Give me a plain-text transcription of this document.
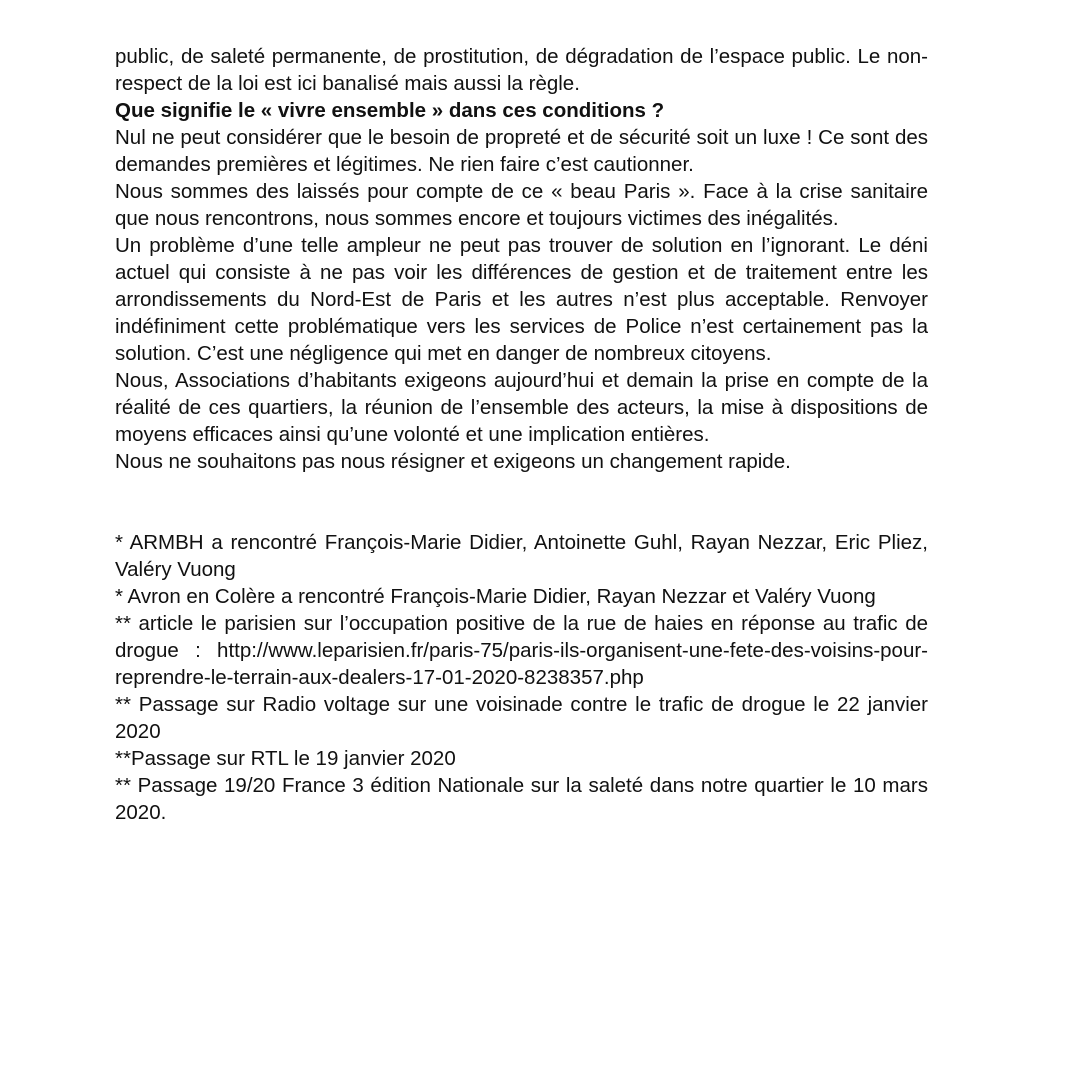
public, de saleté permanente, de prostitution, de dégradation de l’espace public. Le non-respect de la loi est ici banalisé mais aussi la règle.

Que signifie le « vivre ensemble » dans ces conditions ?

Nul ne peut considérer que le besoin de propreté et de sécurité soit un luxe ! Ce sont des demandes premières et légitimes. Ne rien faire c’est cautionner.

Nous sommes des laissés pour compte de ce « beau Paris ». Face à la crise sanitaire que nous rencontrons, nous sommes encore et toujours victimes des inégalités.

Un problème d’une telle ampleur ne peut pas trouver de solution en l’ignorant. Le déni actuel qui consiste à ne pas voir les différences de gestion et de traitement entre les arrondissements du Nord-Est de Paris et les autres n’est plus acceptable. Renvoyer indéfiniment cette problématique vers les services de Police n’est certainement pas la solution. C’est une négligence qui met en danger de nombreux citoyens.

Nous, Associations d’habitants exigeons aujourd’hui et demain la prise en compte de la réalité de ces quartiers, la réunion de l’ensemble des acteurs, la mise à dispositions de moyens efficaces ainsi qu’une volonté et une implication entières.

Nous ne souhaitons pas nous résigner et exigeons un changement rapide.

* ARMBH a rencontré François-Marie Didier, Antoinette Guhl, Rayan Nezzar, Eric Pliez, Valéry Vuong

* Avron en Colère a rencontré François-Marie Didier, Rayan Nezzar et Valéry Vuong

** article le parisien sur l’occupation positive de la rue de haies en réponse au trafic de drogue : http://www.leparisien.fr/paris-75/paris-ils-organisent-une-fete-des-voisins-pour-reprendre-le-terrain-aux-dealers-17-01-2020-8238357.php

** Passage sur Radio voltage sur une voisinade contre le trafic de drogue le 22 janvier 2020

**Passage sur RTL le 19 janvier 2020

** Passage 19/20 France 3 édition Nationale sur la saleté dans notre quartier le 10 mars 2020.
